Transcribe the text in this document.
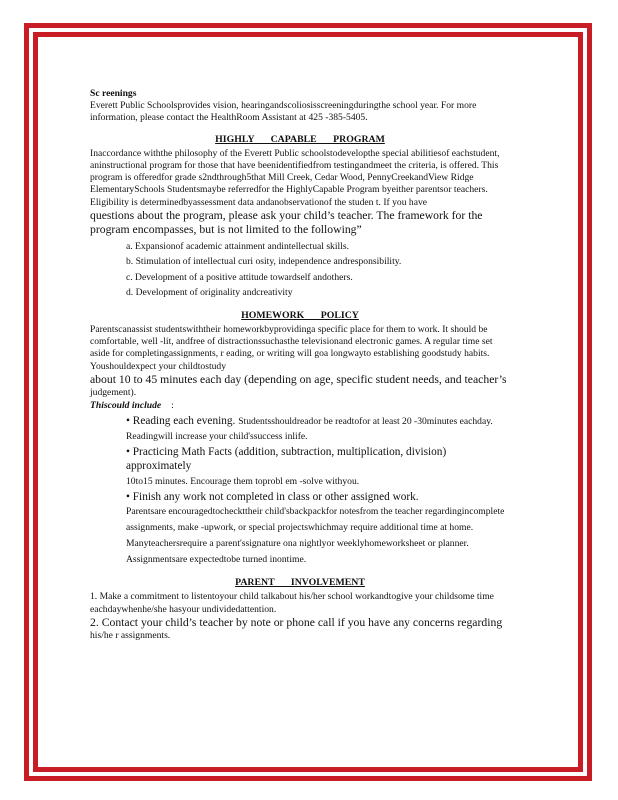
Sc reenings

Everett Public Schoolsprovides vision, hearingandscoliosisscreeningduringthe school year. For more information, please contact the HealthRoom Assistant at 425 -385-5405.

HIGHLY CAPABLE PROGRAM

Inaccordance withthe philosophy of the Everett Public schoolstodevelopthe special abilitiesof eachstudent, aninstructional program for those that have beenidentifiedfrom testingandmeet the criteria, is offered. This program is offeredfor grade s2ndthrough5that Mill Creek, Cedar Wood, PennyCreekandView Ridge ElementarySchools Studentsmaybe referredfor the HighlyCapable Program byeither parentsor teachers. Eligibility is determinedbyassessment data andanobservationof the studen t. If you have

questions about the program, please ask your child’s teacher. The framework for the program encompasses, but is not limited to the following”

a. Expansionof academic attainment andintellectual skills.

b. Stimulation of intellectual curi osity, independence andresponsibility.

c. Development of a positive attitude towardself andothers.

d. Development of originality andcreativity

HOMEWORK POLICY

Parentscanassist studentswiththeir homeworkbyprovidinga specific place for them to work. It should be comfortable, well -lit, andfree of distractionssuchasthe televisionand electronic games. A regular time set aside for completingassignments, r eading, or writing will goa longwayto establishing goodstudy habits. Youshouldexpect your childtostudy

about 10 to 45 minutes each day (depending on age, specific student needs, and teacher’s

judgement).

Thiscould include :

• Reading each evening. Studentsshouldreador be readtofor at least 20 -30minutes eachday. Readingwill increase your child'ssuccess inlife.

• Practicing Math Facts (addition, subtraction, multiplication, division) approximately

10to15 minutes. Encourage them toprobl em -solve withyou.

• Finish any work not completed in class or other assigned work.

Parentsare encouragedtocheckttheir child'sbackpackfor notesfrom the teacher regardingincomplete assignments, make -upwork, or special projectswhichmay require additional time at home. Manyteachersrequire a parent'ssignature ona nightlyor weeklyhomeworksheet or planner. Assignmentsare expectedtobe turned inontime.

PARENT INVOLVEMENT

1. Make a commitment to listentoyour child talkabout his/her school workandtogive your childsome time eachdaywhenhe/she hasyour undividedattention.

2. Contact your child’s teacher by note or phone call if you have any concerns regarding

his/he r assignments.
